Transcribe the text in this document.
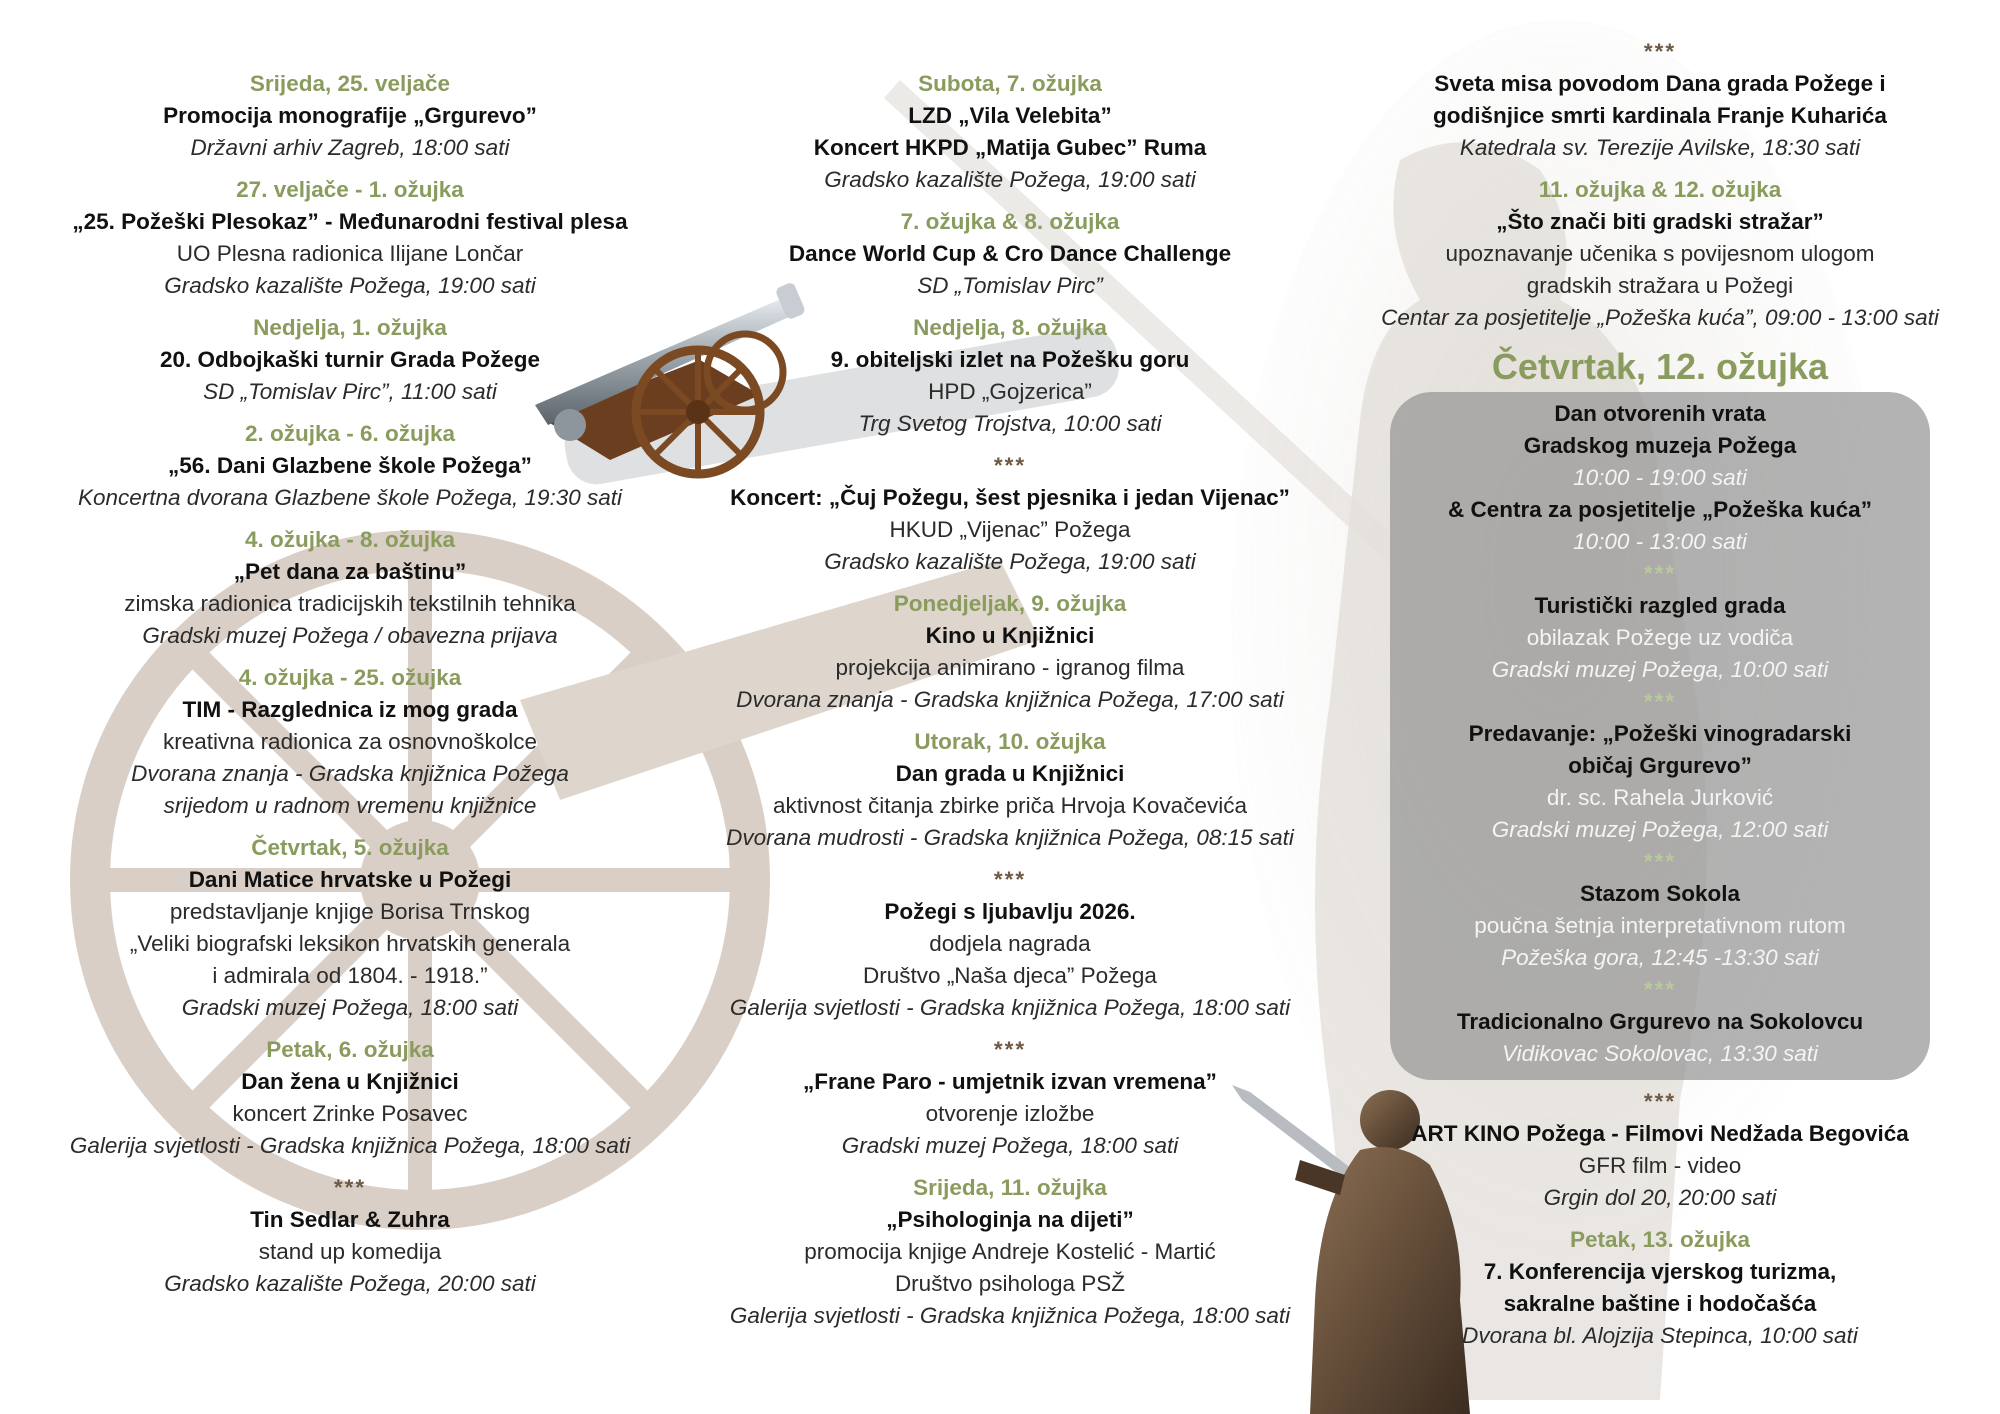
Srijeda, 25. veljače
Promocija monografije „Grgurevo”
Državni arhiv Zagreb, 18:00 sati
27. veljače - 1. ožujka
„25. Požeški Plesokaz” - Međunarodni festival plesa
UO Plesna radionica Ilijane Lončar
Gradsko kazalište Požega, 19:00 sati
Nedjelja, 1. ožujka
20. Odbojkaški turnir Grada Požege
SD „Tomislav Pirc”, 11:00 sati
2. ožujka - 6. ožujka
„56. Dani Glazbene škole Požega”
Koncertna dvorana Glazbene škole Požega, 19:30 sati
4. ožujka - 8. ožujka
„Pet dana za baštinu”
zimska radionica tradicijskih tekstilnih tehnika
Gradski muzej Požega / obavezna prijava
4. ožujka - 25. ožujka
TIM - Razglednica iz mog grada
kreativna radionica za osnovnoškolce
Dvorana znanja - Gradska knjižnica Požega
srijedom u radnom vremenu knjižnice
Četvrtak, 5. ožujka
Dani Matice hrvatske u Požegi
predstavljanje knjige Borisa Trnskog
„Veliki biografski leksikon hrvatskih generala
i admirala od 1804. - 1918.”
Gradski muzej Požega, 18:00 sati
Petak, 6. ožujka
Dan žena u Knjižnici
koncert Zrinke Posavec
Galerija svjetlosti - Gradska knjižnica Požega, 18:00 sati
***
Tin Sedlar & Zuhra
stand up komedija
Gradsko kazalište Požega, 20:00 sati
Subota, 7. ožujka
LZD „Vila Velebita”
Koncert HKPD „Matija Gubec” Ruma
Gradsko kazalište Požega, 19:00 sati
7. ožujka & 8. ožujka
Dance World Cup & Cro Dance Challenge
SD „Tomislav Pirc”
Nedjelja, 8. ožujka
9. obiteljski izlet na Požešku goru
HPD „Gojzerica”
Trg Svetog Trojstva, 10:00 sati
***
Koncert: „Čuj Požegu, šest pjesnika i jedan Vijenac”
HKUD „Vijenac” Požega
Gradsko kazalište Požega, 19:00 sati
Ponedjeljak, 9. ožujka
Kino u Knjižnici
projekcija animirano - igranog filma
Dvorana znanja - Gradska knjižnica Požega, 17:00 sati
Utorak, 10. ožujka
Dan grada u Knjižnici
aktivnost čitanja zbirke priča Hrvoja Kovačevića
Dvorana mudrosti - Gradska knjižnica Požega, 08:15 sati
***
Požegi s ljubavlju 2026.
dodjela nagrada
Društvo „Naša djeca” Požega
Galerija svjetlosti - Gradska knjižnica Požega, 18:00 sati
***
„Frane Paro - umjetnik izvan vremena”
otvorenje izložbe
Gradski muzej Požega, 18:00 sati
Srijeda, 11. ožujka
„Psihologinja na dijeti”
promocija knjige Andreje Kostelić - Martić
Društvo psihologa PSŽ
Galerija svjetlosti - Gradska knjižnica Požega, 18:00 sati
***
Sveta misa povodom Dana grada Požege i
godišnjice smrti kardinala Franje Kuharića
Katedrala sv. Terezije Avilske, 18:30 sati
11. ožujka & 12. ožujka
„Što znači biti gradski stražar”
upoznavanje učenika s povijesnom ulogom
gradskih stražara u Požegi
Centar za posjetitelje „Požeška kuća”, 09:00 - 13:00 sati
Četvrtak, 12. ožujka
Dan otvorenih vrata
Gradskog muzeja Požega
10:00 - 19:00 sati
& Centra za posjetitelje „Požeška kuća”
10:00 - 13:00 sati
***
Turistički razgled grada
obilazak Požege uz vodiča
Gradski muzej Požega, 10:00 sati
***
Predavanje: „Požeški vinogradarski
običaj Grgurevo”
dr. sc. Rahela Jurković
Gradski muzej Požega, 12:00 sati
***
Stazom Sokola
poučna šetnja interpretativnom rutom
Požeška gora, 12:45 -13:30 sati
***
Tradicionalno Grgurevo na Sokolovcu
Vidikovac Sokolovac, 13:30 sati
***
ART KINO Požega - Filmovi Nedžada Begovića
GFR film - video
Grgin dol 20, 20:00 sati
Petak, 13. ožujka
7. Konferencija vjerskog turizma,
sakralne baštine i hodočašća
Dvorana bl. Alojzija Stepinca, 10:00 sati
